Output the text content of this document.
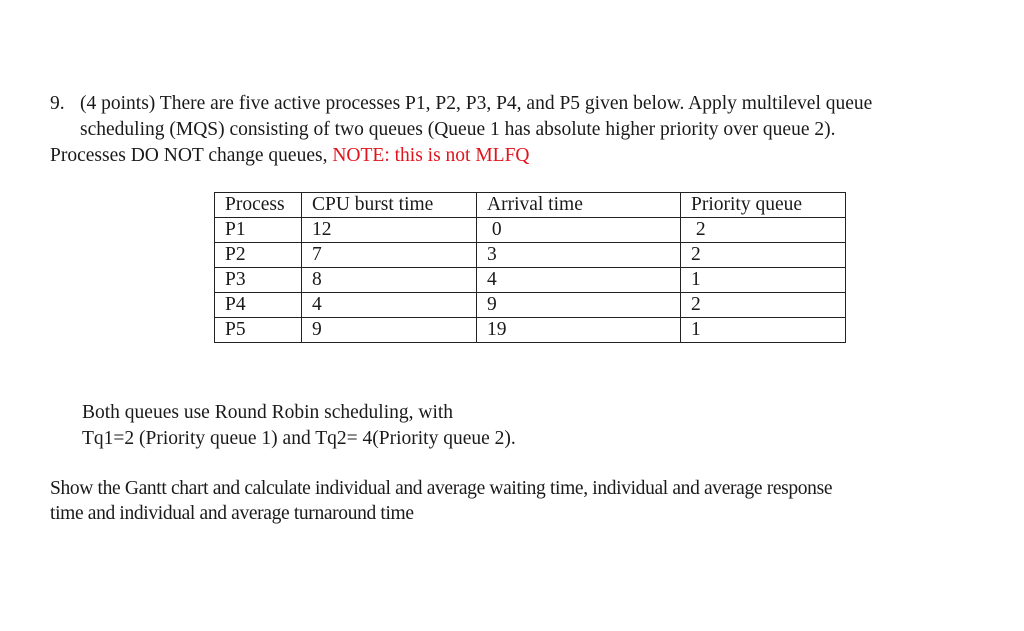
9. (4 points) There are five active processes P1, P2, P3, P4, and P5 given below. Apply multilevel queue
scheduling (MQS) consisting of two queues (Queue 1 has absolute higher priority over queue 2).
Processes DO NOT change queues, NOTE: this is not MLFQ
Process	CPU burst time	Arrival time	Priority queue
P1	12	0	2
P2	7	3	2
P3	8	4	1
P4	4	9	2
P5	9	19	1
Both queues use Round Robin scheduling, with
Tq1=2 (Priority queue 1) and Tq2= 4(Priority queue 2).
Show the Gantt chart and calculate individual and average waiting time, individual and average response
time and individual and average turnaround time
